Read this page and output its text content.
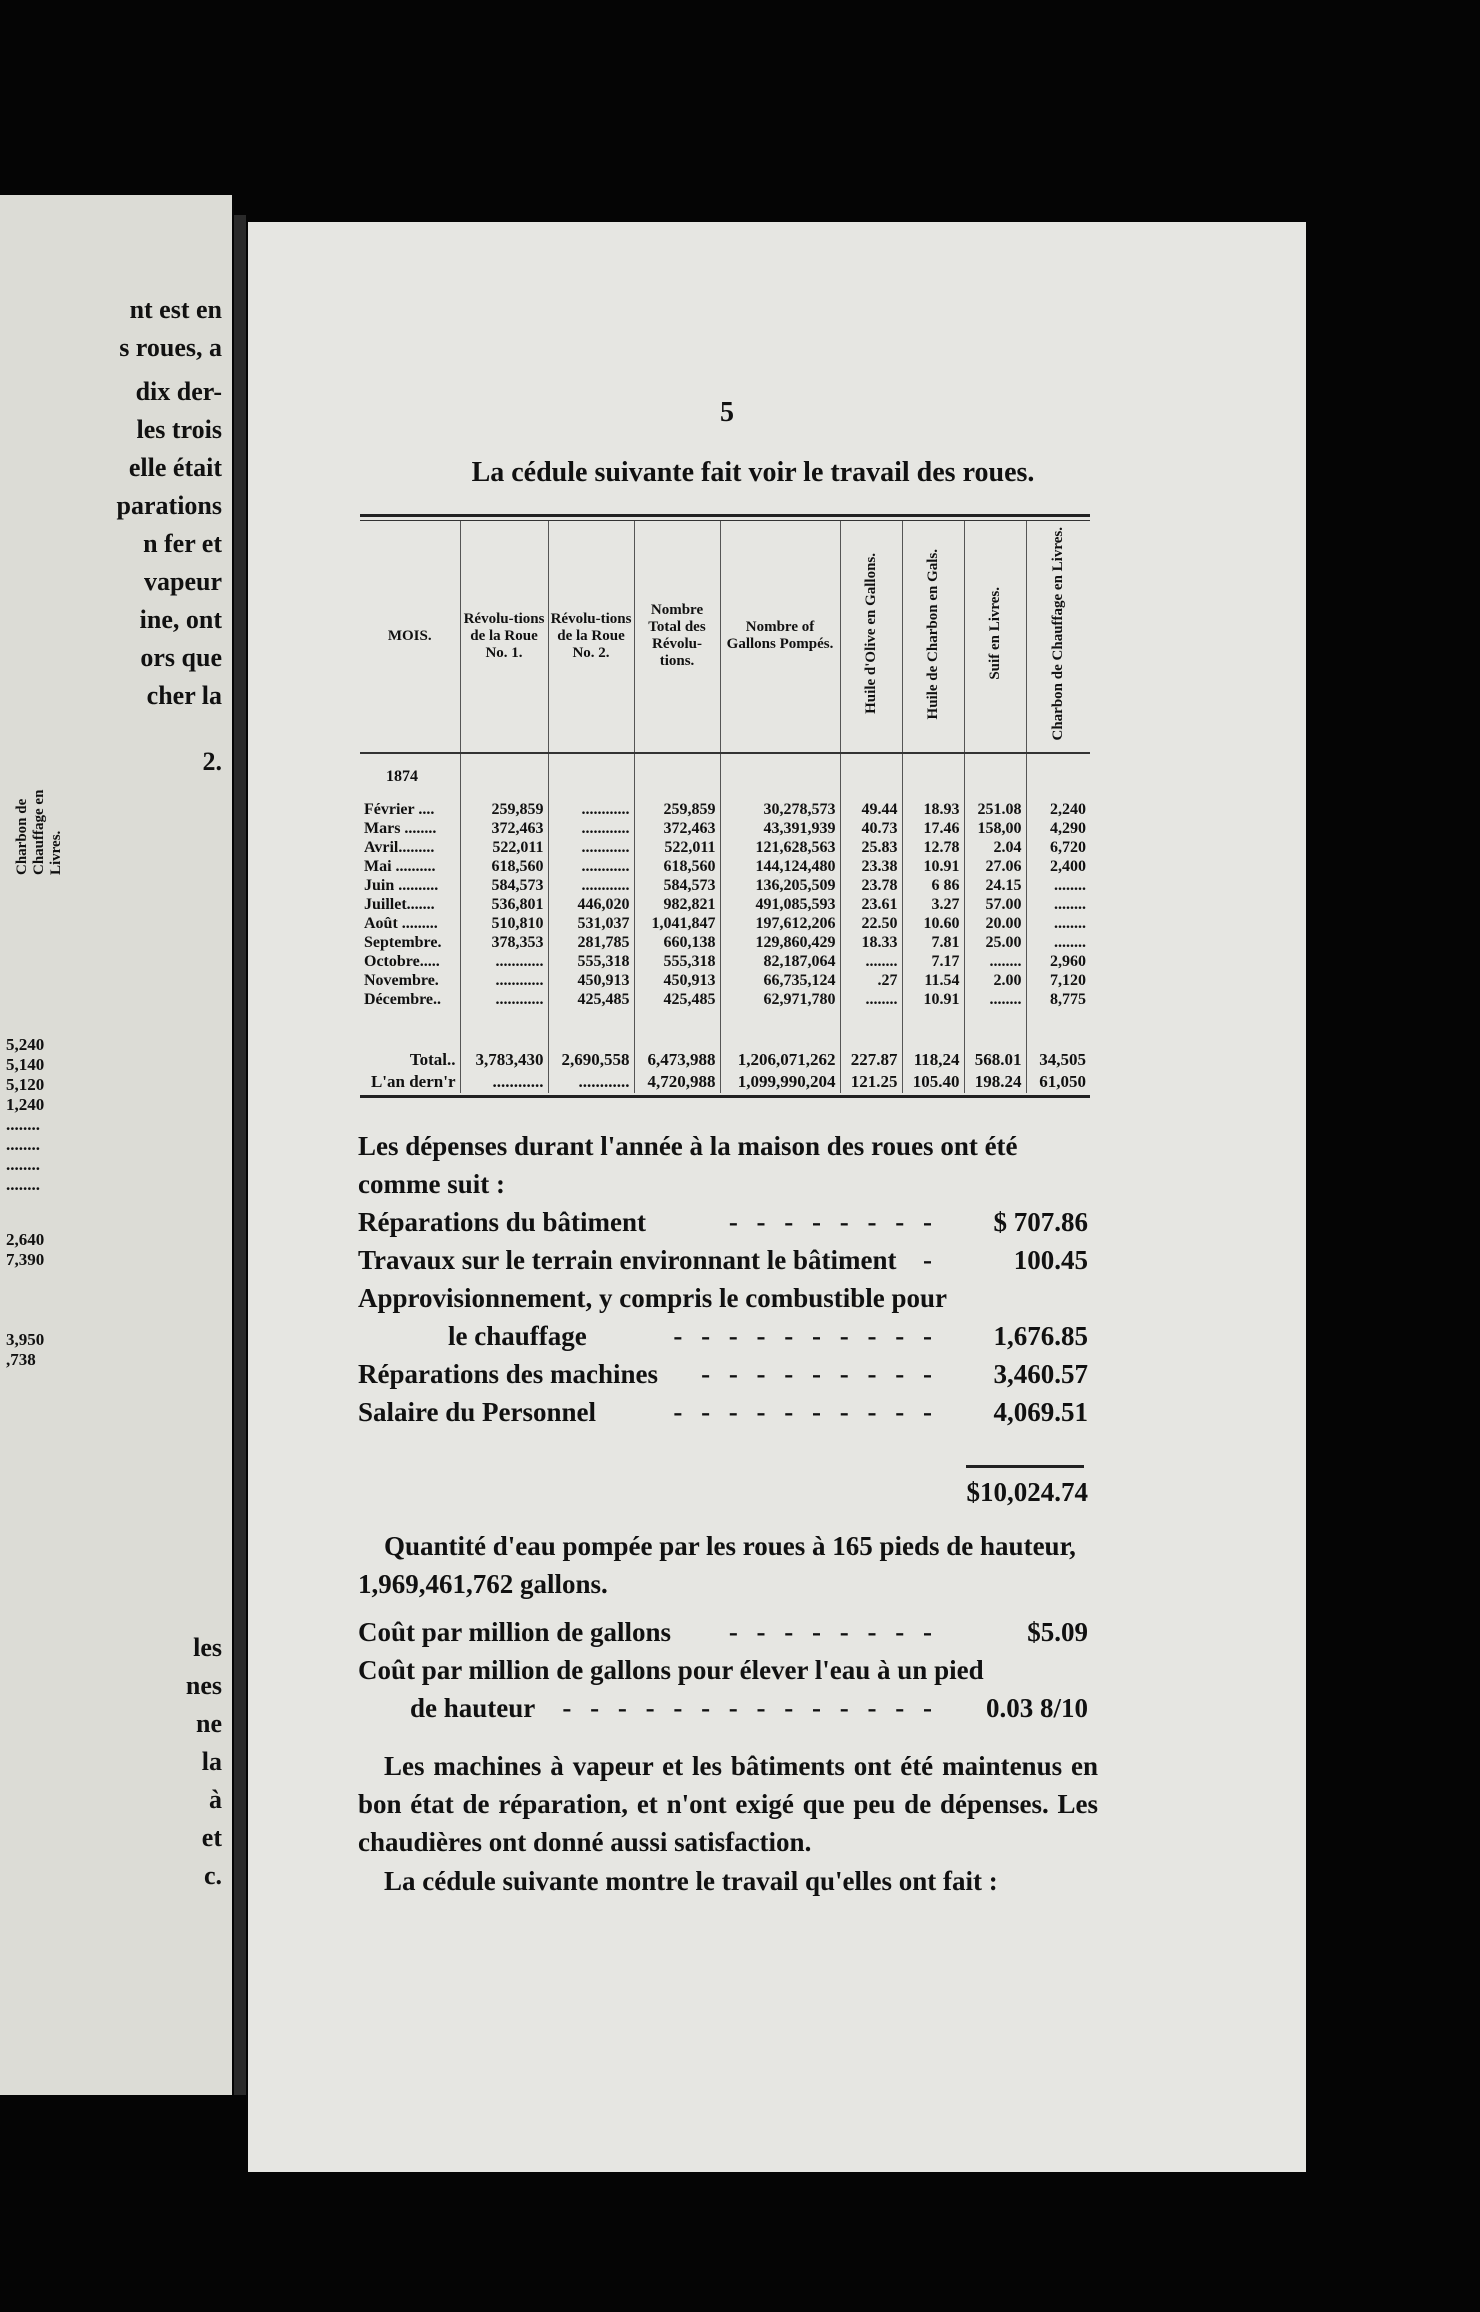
nt est en
s roues, a
dix der-
les trois
elle était
parations
n fer et
vapeur
ine, ont
ors que
cher la
2.
Charbon de Chauffage en Livres.
5,240
5,140
5,120
1,240
........
........
........
........
2,640
7,390
3,950
,738
les
nes
ne
la
à
et
c.
5
La cédule suivante fait voir le travail des roues.
MOIS.	Révolu-tions de la Roue No. 1.	Révolu-tions de la Roue No. 2.	Nombre Total des Révolu-tions.	Nombre of Gallons Pompés.	Huile d'Olive en Gallons.	Huile de Charbon en Gals.	Suif en Livres.	Charbon de Chauffage en Livres.
1874								
Février ....	259,859	............	259,859	30,278,573	49.44	18.93	251.08	2,240
Mars ........	372,463	............	372,463	43,391,939	40.73	17.46	158,00	4,290
Avril.........	522,011	............	522,011	121,628,563	25.83	12.78	2.04	6,720
Mai ..........	618,560	............	618,560	144,124,480	23.38	10.91	27.06	2,400
Juin ..........	584,573	............	584,573	136,205,509	23.78	6 86	24.15	........
Juillet.......	536,801	446,020	982,821	491,085,593	23.61	3.27	57.00	........
Août .........	510,810	531,037	1,041,847	197,612,206	22.50	10.60	20.00	........
Septembre.	378,353	281,785	660,138	129,860,429	18.33	7.81	25.00	........
Octobre.....	............	555,318	555,318	82,187,064	........	7.17	........	2,960
Novembre.	............	450,913	450,913	66,735,124	.27	11.54	2.00	7,120
Décembre..	............	425,485	425,485	62,971,780	........	10.91	........	8,775

Total..	3,783,430	2,690,558	6,473,988	1,206,071,262	227.87	118,24	568.01	34,505
L'an dern'r	............	............	4,720,988	1,099,990,204	121.25	105.40	198.24	61,050
Les dépenses durant l'année à la maison des roues ont été comme suit :
Réparations du bâtiment	- - - - - - - - $ 707.86
Travaux sur le terrain environnant le bâtiment -	100.45
Approvisionnement, y compris le combustible pour
le chauffage	- - - - - - - - - - 1,676.85
Réparations des machines - - - - - - - - - 3,460.57
Salaire du Personnel	- - - - - - - - - - 4,069.51
$10,024.74
Quantité d'eau pompée par les roues à 165 pieds de hauteur, 1,969,461,762 gallons.
Coût par million de gallons - - - - - - - -	$5.09
Coût par million de gallons pour élever l'eau à un pied
de hauteur - - - - - - - - - - - - - - 0.03 8/10
Les machines à vapeur et les bâtiments ont été maintenus en bon état de réparation, et n'ont exigé que peu de dépenses. Les chaudières ont donné aussi satisfaction.
La cédule suivante montre le travail qu'elles ont fait :
